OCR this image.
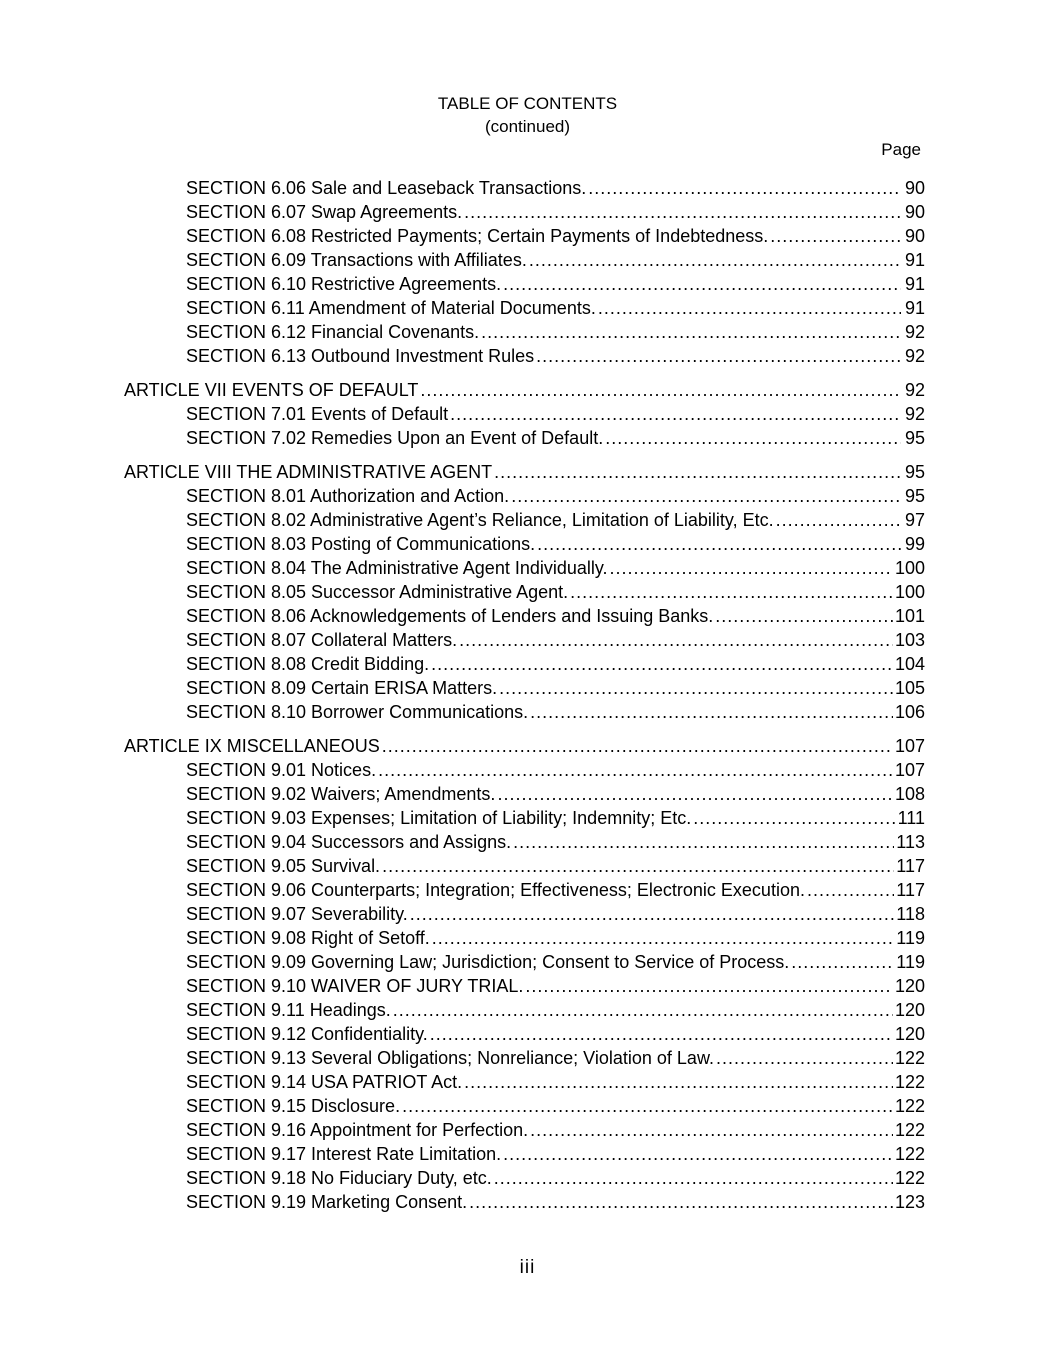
TABLE OF CONTENTS
(continued)
Page
SECTION 6.06 Sale and Leaseback Transactions. .....	90
SECTION 6.07 Swap Agreements. .....	90
SECTION 6.08 Restricted Payments; Certain Payments of Indebtedness. .....	90
SECTION 6.09 Transactions with Affiliates. .....	91
SECTION 6.10 Restrictive Agreements. .....	91
SECTION 6.11 Amendment of Material Documents. .....	91
SECTION 6.12 Financial Covenants. .....	92
SECTION 6.13 Outbound Investment Rules .....	92
ARTICLE VII EVENTS OF DEFAULT .....	92
SECTION 7.01 Events of Default .....	92
SECTION 7.02 Remedies Upon an Event of Default. .....	95
ARTICLE VIII THE ADMINISTRATIVE AGENT .....	95
SECTION 8.01 Authorization and Action. .....	95
SECTION 8.02 Administrative Agent’s Reliance, Limitation of Liability, Etc. .....	97
SECTION 8.03 Posting of Communications. .....	99
SECTION 8.04 The Administrative Agent Individually. .....	100
SECTION 8.05 Successor Administrative Agent. .....	100
SECTION 8.06 Acknowledgements of Lenders and Issuing Banks. .....	101
SECTION 8.07 Collateral Matters. .....	103
SECTION 8.08 Credit Bidding. .....	104
SECTION 8.09 Certain ERISA Matters. .....	105
SECTION 8.10 Borrower Communications. .....	106
ARTICLE IX MISCELLANEOUS .....	107
SECTION 9.01 Notices. .....	107
SECTION 9.02 Waivers; Amendments. .....	108
SECTION 9.03 Expenses; Limitation of Liability; Indemnity; Etc. .....	111
SECTION 9.04 Successors and Assigns. .....	113
SECTION 9.05 Survival. .....	117
SECTION 9.06 Counterparts; Integration; Effectiveness; Electronic Execution. .....	117
SECTION 9.07 Severability. .....	118
SECTION 9.08 Right of Setoff. .....	119
SECTION 9.09 Governing Law; Jurisdiction; Consent to Service of Process. .....	119
SECTION 9.10 WAIVER OF JURY TRIAL. .....	120
SECTION 9.11 Headings. .....	120
SECTION 9.12 Confidentiality. .....	120
SECTION 9.13 Several Obligations; Nonreliance; Violation of Law. .....	122
SECTION 9.14 USA PATRIOT Act. .....	122
SECTION 9.15 Disclosure. .....	122
SECTION 9.16 Appointment for Perfection. .....	122
SECTION 9.17 Interest Rate Limitation. .....	122
SECTION 9.18 No Fiduciary Duty, etc. .....	122
SECTION 9.19 Marketing Consent. .....	123
iii
